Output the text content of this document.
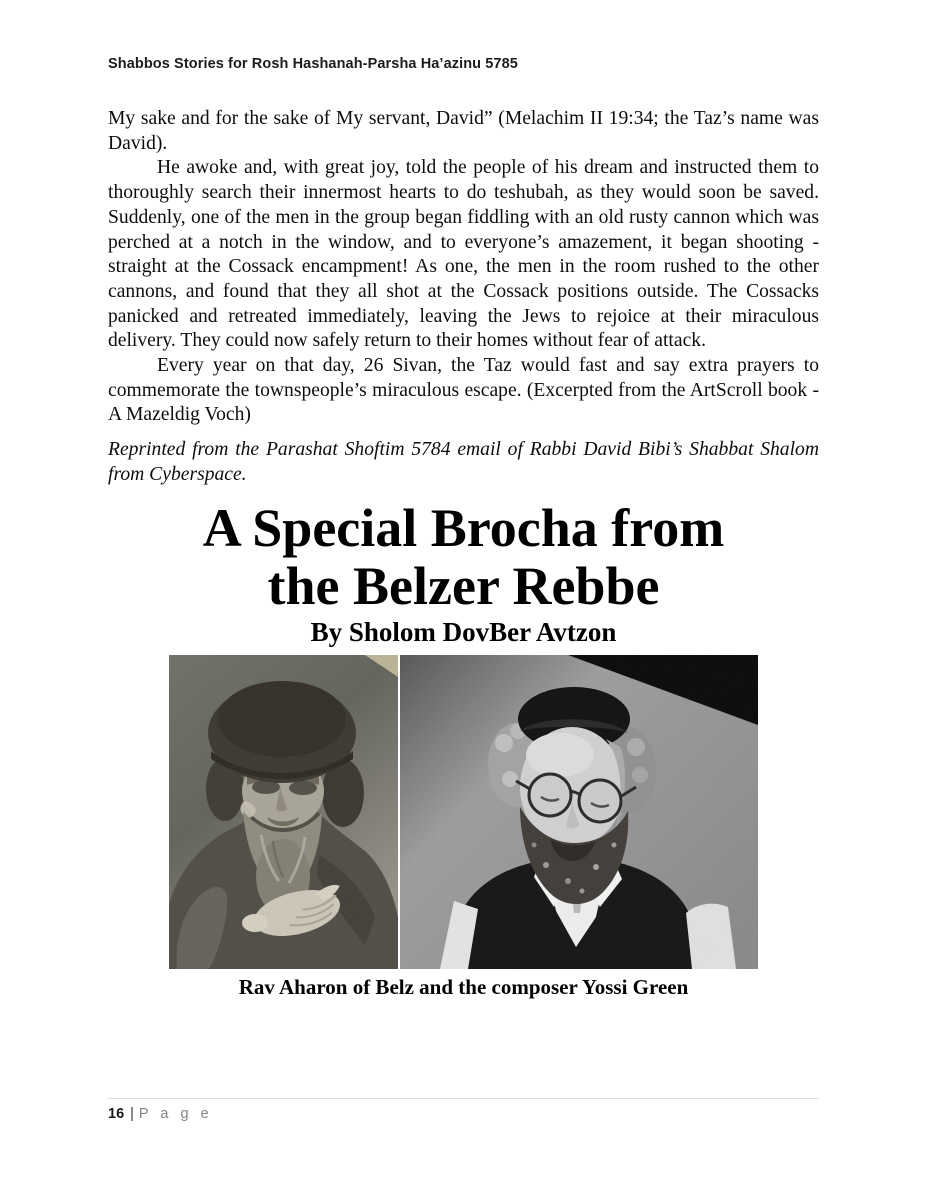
Shabbos Stories for Rosh Hashanah-Parsha Ha’azinu 5785

My sake and for the sake of My servant, David” (Melachim II 19:34; the Taz’s name was David).

He awoke and, with great joy, told the people of his dream and instructed them to thoroughly search their innermost hearts to do teshubah, as they would soon be saved. Suddenly, one of the men in the group began fiddling with an old rusty cannon which was perched at a notch in the window, and to everyone’s amazement, it began shooting - straight at the Cossack encampment! As one, the men in the room rushed to the other cannons, and found that they all shot at the Cossack positions outside. The Cossacks panicked and retreated immediately, leaving the Jews to rejoice at their miraculous delivery. They could now safely return to their homes without fear of attack.

Every year on that day, 26 Sivan, the Taz would fast and say extra prayers to commemorate the townspeople’s miraculous escape. (Excerpted from the ArtScroll book - A Mazeldig Voch)

Reprinted from the Parashat Shoftim 5784 email of Rabbi David Bibi’s Shabbat Shalom from Cyberspace.

A Special Brocha from
the Belzer Rebbe
By Sholom DovBer Avtzon
Rav Aharon of Belz and the composer Yossi Green
16 | P a g e
